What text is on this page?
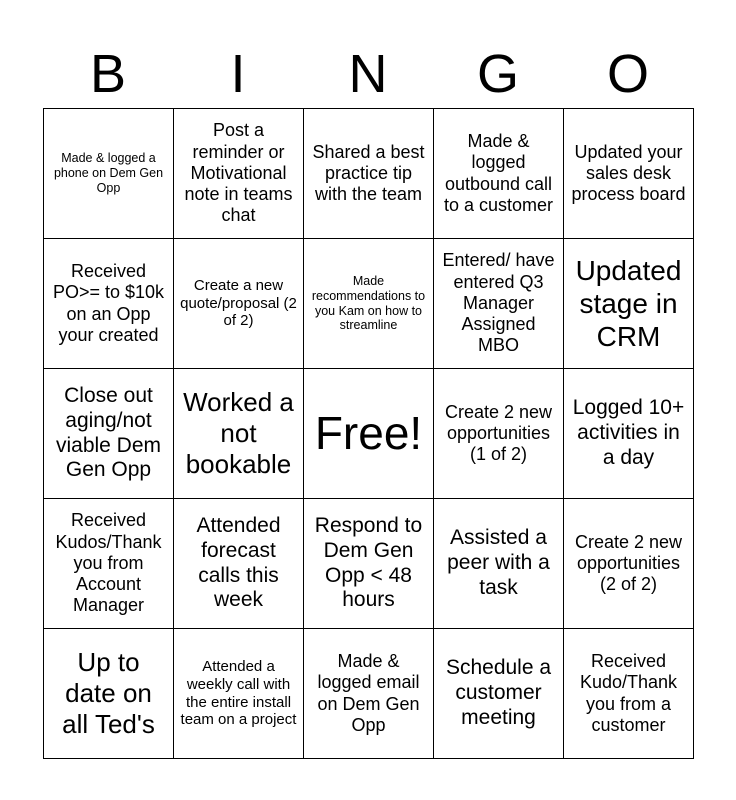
B	I	N	G	O
Made & logged a phone on Dem Gen Opp	Post a reminder or Motivational note in teams chat	Shared a best practice tip with the team	Made & logged outbound call to a customer	Updated your sales desk process board
Received PO>= to $10k on an Opp your created	Create a new quote/proposal (2 of 2)	Made recommendations to you Kam on how to streamline	Entered/ have entered Q3 Manager Assigned MBO	Updated stage in CRM
Close out aging/not viable Dem Gen Opp	Worked a not bookable	Free!	Create 2 new opportunities (1 of 2)	Logged 10+ activities in a day
Received Kudos/Thank you from Account Manager	Attended forecast calls this week	Respond to Dem Gen Opp < 48 hours	Assisted a peer with a task	Create 2 new opportunities (2 of 2)
Up to date on all Ted's	Attended a weekly call with the entire install team on a project	Made & logged email on Dem Gen Opp	Schedule a customer meeting	Received Kudo/Thank you from a customer
